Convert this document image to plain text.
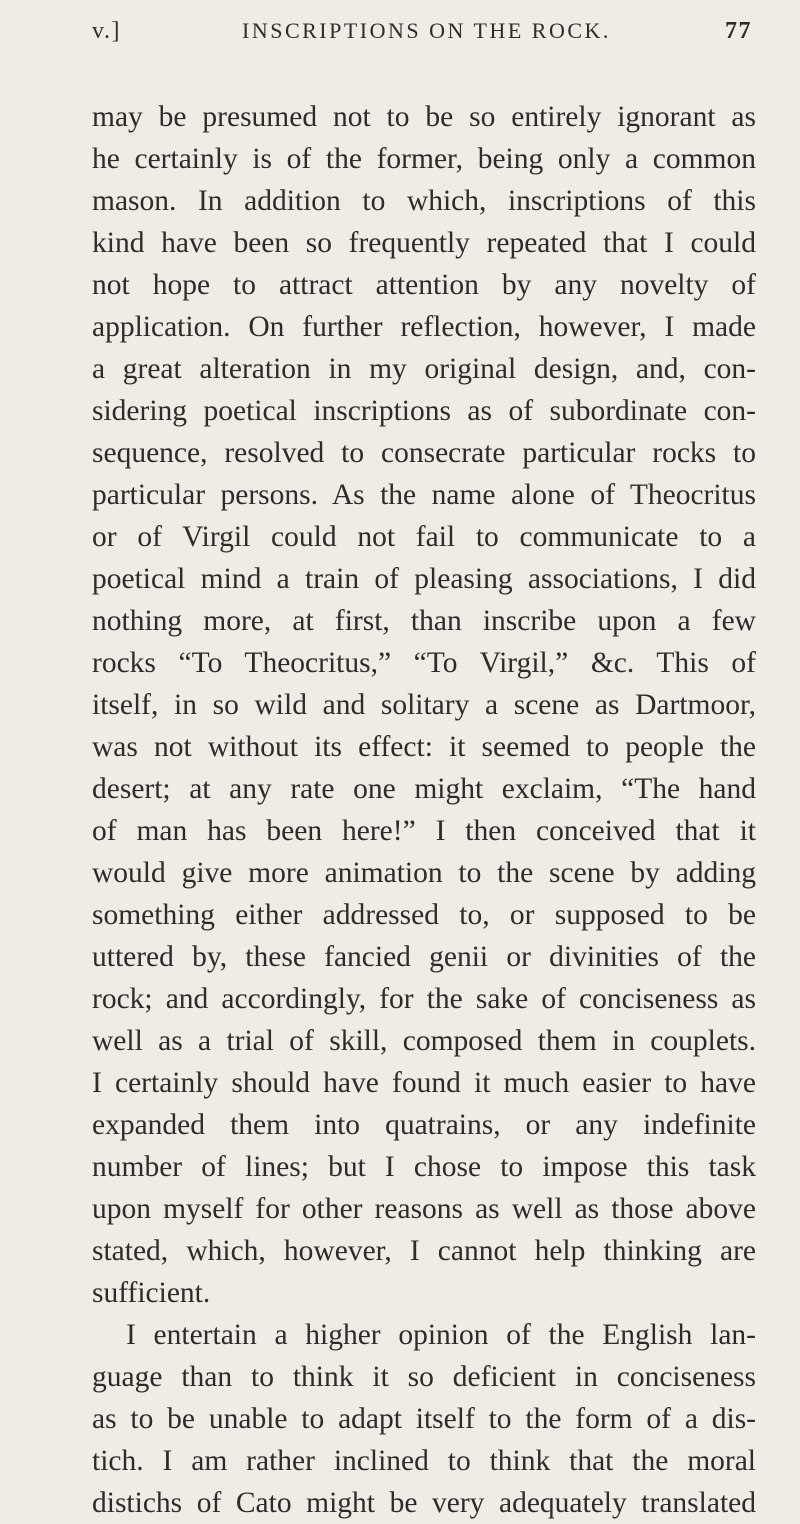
v.]	INSCRIPTIONS ON THE ROCK.	77
may be presumed not to be so entirely ignorant as
he certainly is of the former, being only a common
mason. In addition to which, inscriptions of this
kind have been so frequently repeated that I could
not hope to attract attention by any novelty of
application. On further reflection, however, I made
a great alteration in my original design, and, con-
sidering poetical inscriptions as of subordinate con-
sequence, resolved to consecrate particular rocks to
particular persons. As the name alone of Theocritus
or of Virgil could not fail to communicate to a
poetical mind a train of pleasing associations, I did
nothing more, at first, than inscribe upon a few
rocks “To Theocritus,” “To Virgil,” &c. This of
itself, in so wild and solitary a scene as Dartmoor,
was not without its effect: it seemed to people the
desert; at any rate one might exclaim, “The hand
of man has been here!” I then conceived that it
would give more animation to the scene by adding
something either addressed to, or supposed to be
uttered by, these fancied genii or divinities of the
rock; and accordingly, for the sake of conciseness as
well as a trial of skill, composed them in couplets.
I certainly should have found it much easier to have
expanded them into quatrains, or any indefinite
number of lines; but I chose to impose this task
upon myself for other reasons as well as those above
stated, which, however, I cannot help thinking are
sufficient.
I entertain a higher opinion of the English lan-
guage than to think it so deficient in conciseness
as to be unable to adapt itself to the form of a dis-
tich. I am rather inclined to think that the moral
distichs of Cato might be very adequately translated
